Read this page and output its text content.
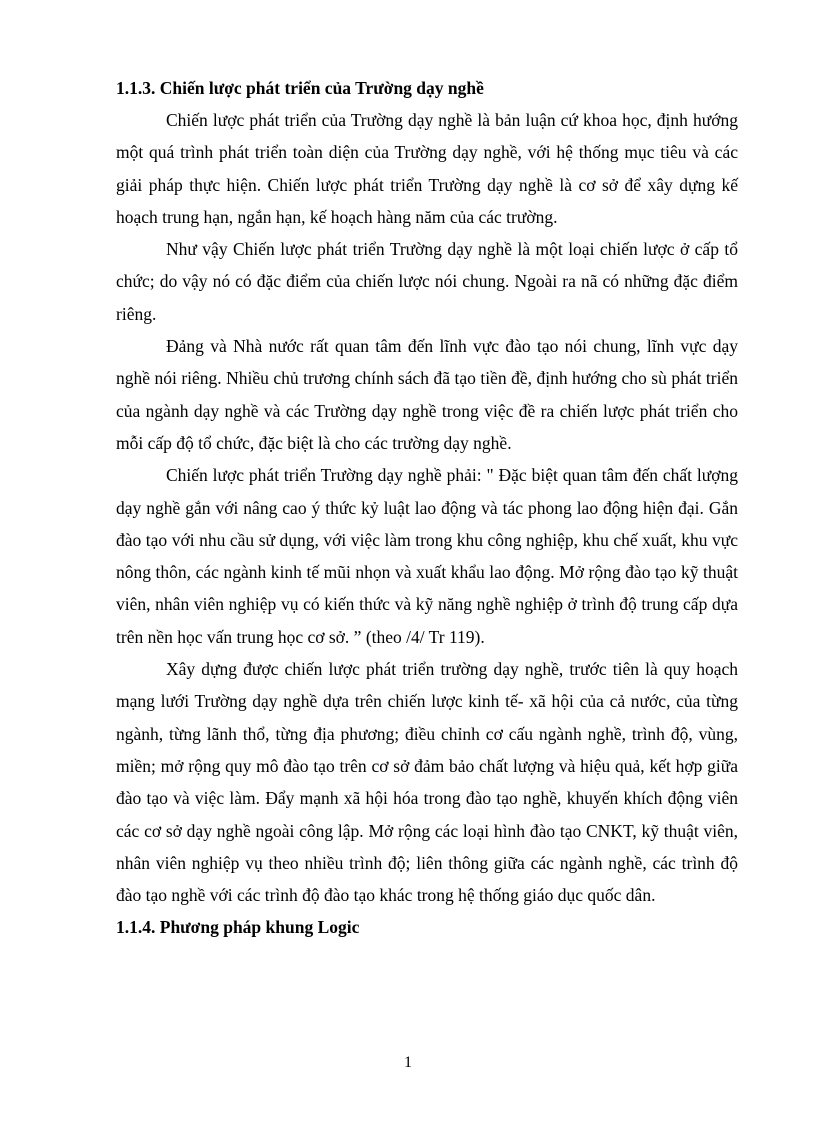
1.1.3. Chiến lược phát triển của Trường dạy nghề

Chiến lược phát triển của Trường dạy nghề là bản luận cứ khoa học, định hướng một quá trình phát triển toàn diện của Trường dạy nghề, với hệ thống mục tiêu và các giải pháp thực hiện. Chiến lược phát triển Trường dạy nghề là cơ sở để xây dựng kế hoạch trung hạn, ngắn hạn, kế hoạch hàng năm của các trường.

Như vậy Chiến lược phát triển Trường dạy nghề là một loại chiến lược ở cấp tổ chức; do vậy nó có đặc điểm của chiến lược nói chung. Ngoài ra nã có những đặc điểm riêng.

Đảng và Nhà nước rất quan tâm đến lĩnh vực đào tạo nói chung, lĩnh vực dạy nghề nói riêng. Nhiều chủ trương chính sách đã tạo tiền đề, định hướng cho sù phát triển của ngành dạy nghề và các Trường dạy nghề trong việc đề ra chiến lược phát triển cho mỗi cấp độ tổ chức, đặc biệt là cho các trường dạy nghề.

Chiến lược phát triển Trường dạy nghề phải: " Đặc biệt quan tâm đến chất lượng dạy nghề gắn với nâng cao ý thức kỷ luật lao động và tác phong lao động hiện đại. Gắn đào tạo với nhu cầu sử dụng, với việc làm trong khu công nghiệp, khu chế xuất, khu vực nông thôn, các ngành kinh tế mũi nhọn và xuất khẩu lao động. Mở rộng đào tạo kỹ thuật viên, nhân viên nghiệp vụ có kiến thức và kỹ năng nghề nghiệp ở trình độ trung cấp dựa trên nền học vấn trung học cơ sở. ” (theo /4/ Tr 119).

Xây dựng được chiến lược phát triển trường dạy nghề, trước tiên là quy hoạch mạng lưới Trường dạy nghề dựa trên chiến lược kinh tế- xã hội của cả nước, của từng ngành, từng lãnh thổ, từng địa phương; điều chỉnh cơ cấu ngành nghề, trình độ, vùng, miền; mở rộng quy mô đào tạo trên cơ sở đảm bảo chất lượng và hiệu quả, kết hợp giữa đào tạo và việc làm. Đẩy mạnh xã hội hóa trong đào tạo nghề, khuyến khích động viên các cơ sở dạy nghề ngoài công lập. Mở rộng các loại hình đào tạo CNKT, kỹ thuật viên, nhân viên nghiệp vụ theo nhiều trình độ; liên thông giữa các ngành nghề, các trình độ đào tạo nghề với các trình độ đào tạo khác trong hệ thống giáo dục quốc dân.

1.1.4. Phương pháp khung Logic

1
